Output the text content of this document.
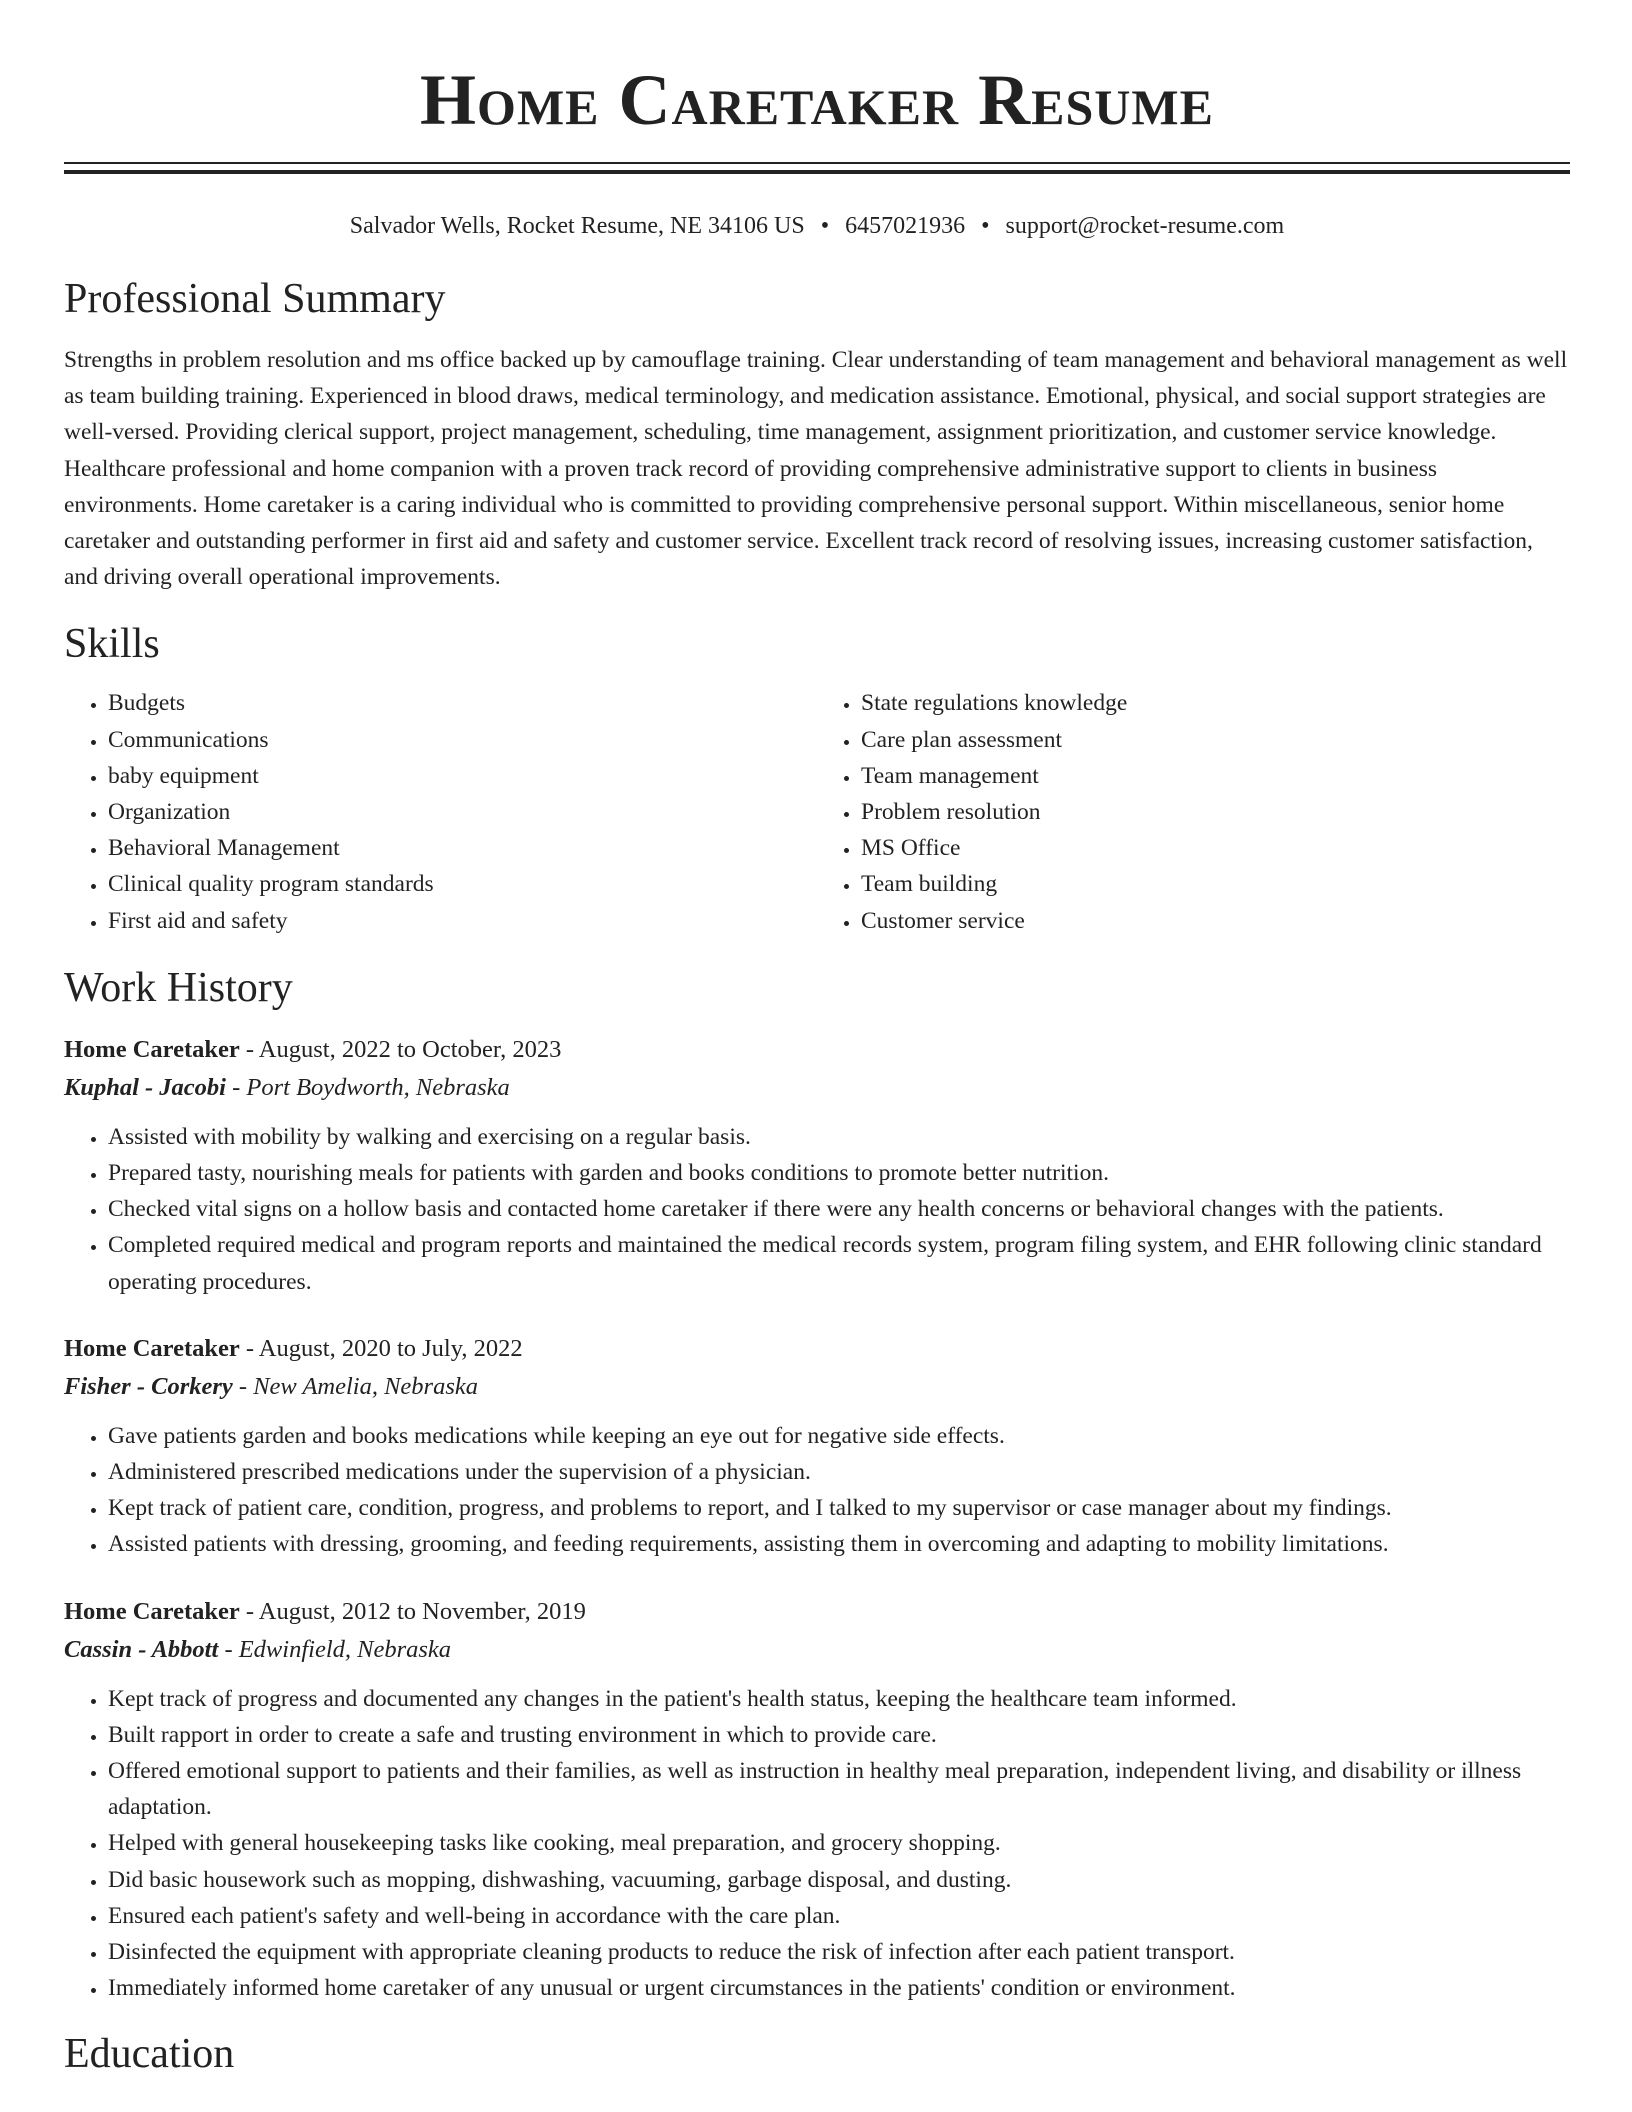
Home Caretaker Resume
Salvador Wells, Rocket Resume, NE 34106 US • 6457021936 • support@rocket-resume.com
Professional Summary
Strengths in problem resolution and ms office backed up by camouflage training. Clear understanding of team management and behavioral management as well as team building training. Experienced in blood draws, medical terminology, and medication assistance. Emotional, physical, and social support strategies are well-versed. Providing clerical support, project management, scheduling, time management, assignment prioritization, and customer service knowledge. Healthcare professional and home companion with a proven track record of providing comprehensive administrative support to clients in business environments. Home caretaker is a caring individual who is committed to providing comprehensive personal support. Within miscellaneous, senior home caretaker and outstanding performer in first aid and safety and customer service. Excellent track record of resolving issues, increasing customer satisfaction, and driving overall operational improvements.
Skills
• Budgets
• Communications
• baby equipment
• Organization
• Behavioral Management
• Clinical quality program standards
• First aid and safety
• State regulations knowledge
• Care plan assessment
• Team management
• Problem resolution
• MS Office
• Team building
• Customer service
Work History
Home Caretaker - August, 2022 to October, 2023
Kuphal - Jacobi - Port Boydworth, Nebraska
• Assisted with mobility by walking and exercising on a regular basis.
• Prepared tasty, nourishing meals for patients with garden and books conditions to promote better nutrition.
• Checked vital signs on a hollow basis and contacted home caretaker if there were any health concerns or behavioral changes with the patients.
• Completed required medical and program reports and maintained the medical records system, program filing system, and EHR following clinic standard operating procedures.
Home Caretaker - August, 2020 to July, 2022
Fisher - Corkery - New Amelia, Nebraska
• Gave patients garden and books medications while keeping an eye out for negative side effects.
• Administered prescribed medications under the supervision of a physician.
• Kept track of patient care, condition, progress, and problems to report, and I talked to my supervisor or case manager about my findings.
• Assisted patients with dressing, grooming, and feeding requirements, assisting them in overcoming and adapting to mobility limitations.
Home Caretaker - August, 2012 to November, 2019
Cassin - Abbott - Edwinfield, Nebraska
• Kept track of progress and documented any changes in the patient's health status, keeping the healthcare team informed.
• Built rapport in order to create a safe and trusting environment in which to provide care.
• Offered emotional support to patients and their families, as well as instruction in healthy meal preparation, independent living, and disability or illness adaptation.
• Helped with general housekeeping tasks like cooking, meal preparation, and grocery shopping.
• Did basic housework such as mopping, dishwashing, vacuuming, garbage disposal, and dusting.
• Ensured each patient's safety and well-being in accordance with the care plan.
• Disinfected the equipment with appropriate cleaning products to reduce the risk of infection after each patient transport.
• Immediately informed home caretaker of any unusual or urgent circumstances in the patients' condition or environment.
Education
